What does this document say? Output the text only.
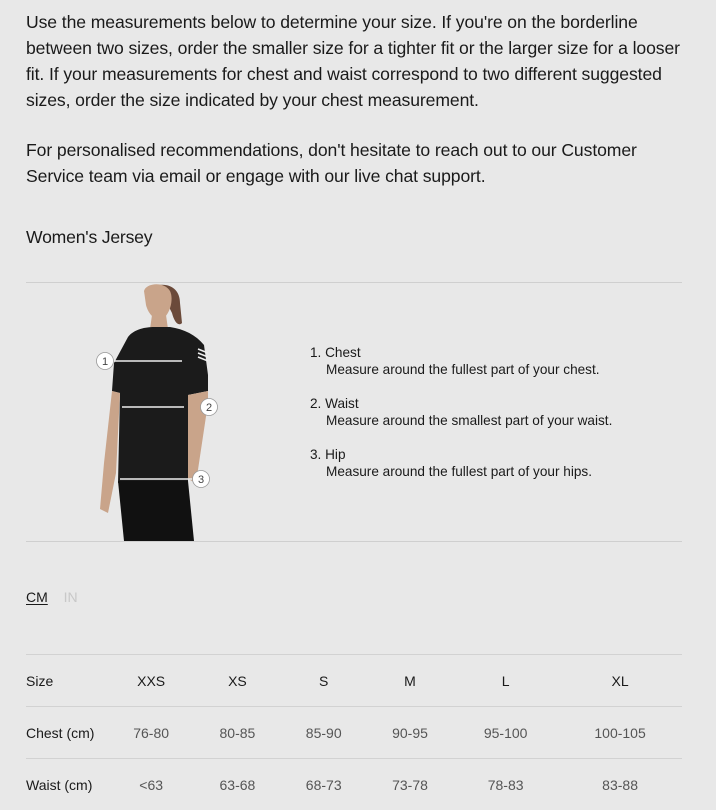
Use the measurements below to determine your size. If you're on the borderline between two sizes, order the smaller size for a tighter fit or the larger size for a looser fit. If your measurements for chest and waist correspond to two different suggested sizes, order the size indicated by your chest measurement.

For personalised recommendations, don't hesitate to reach out to our Customer Service team via email or engage with our live chat support.

Women's Jersey
1
2
3
1. Chest
Measure around the fullest part of your chest.
2. Waist
Measure around the smallest part of your waist.
3. Hip
Measure around the fullest part of your hips.
CM IN
Size	XXS	XS	S	M	L	XL
Chest (cm)	76-80	80-85	85-90	90-95	95-100	100-105
Waist (cm)	<63	63-68	68-73	73-78	78-83	83-88
